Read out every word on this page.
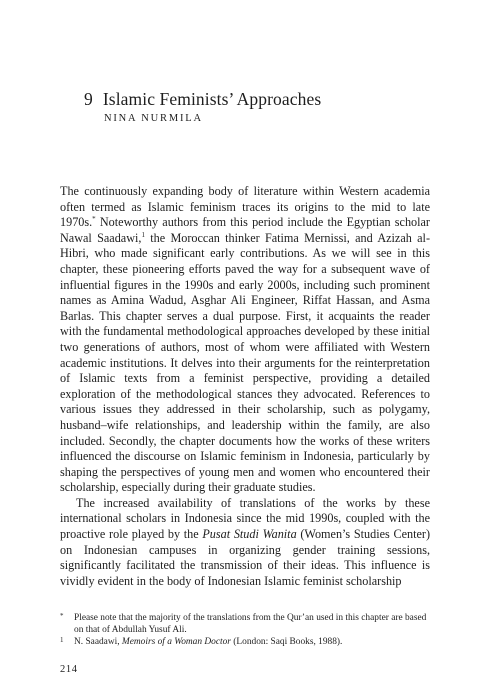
9 Islamic Feminists’ Approaches
NINA NURMILA

The continuously expanding body of literature within Western academia often termed as Islamic feminism traces its origins to the mid to late 1970s.* Noteworthy authors from this period include the Egyptian scholar Nawal Saadawi,$^1$ the Moroccan thinker Fatima Mernissi, and Azizah al-Hibri, who made significant early contributions. As we will see in this chapter, these pioneering efforts paved the way for a subsequent wave of influential figures in the 1990s and early 2000s, including such prominent names as Amina Wadud, Asghar Ali Engineer, Riffat Hassan, and Asma Barlas. This chapter serves a dual purpose. First, it acquaints the reader with the fundamental methodological approaches developed by these initial two generations of authors, most of whom were affiliated with Western academic institutions. It delves into their arguments for the reinterpretation of Islamic texts from a feminist perspective, providing a detailed exploration of the methodological stances they advocated. References to various issues they addressed in their scholarship, such as polygamy, husband–wife relationships, and leadership within the family, are also included. Secondly, the chapter documents how the works of these writers influenced the discourse on Islamic feminism in Indonesia, particularly by shaping the perspectives of young men and women who encountered their scholarship, especially during their graduate studies.

The increased availability of translations of the works by these international scholars in Indonesia since the mid 1990s, coupled with the proactive role played by the Pusat Studi Wanita (Women’s Studies Center) on Indonesian campuses in organizing gender training sessions, significantly facilitated the transmission of their ideas. This influence is vividly evident in the body of Indonesian Islamic feminist scholarship

* Please note that the majority of the translations from the Qur’an used in this chapter are based on that of Abdullah Yusuf Ali.
1 N. Saadawi, Memoirs of a Woman Doctor (London: Saqi Books, 1988).
214
